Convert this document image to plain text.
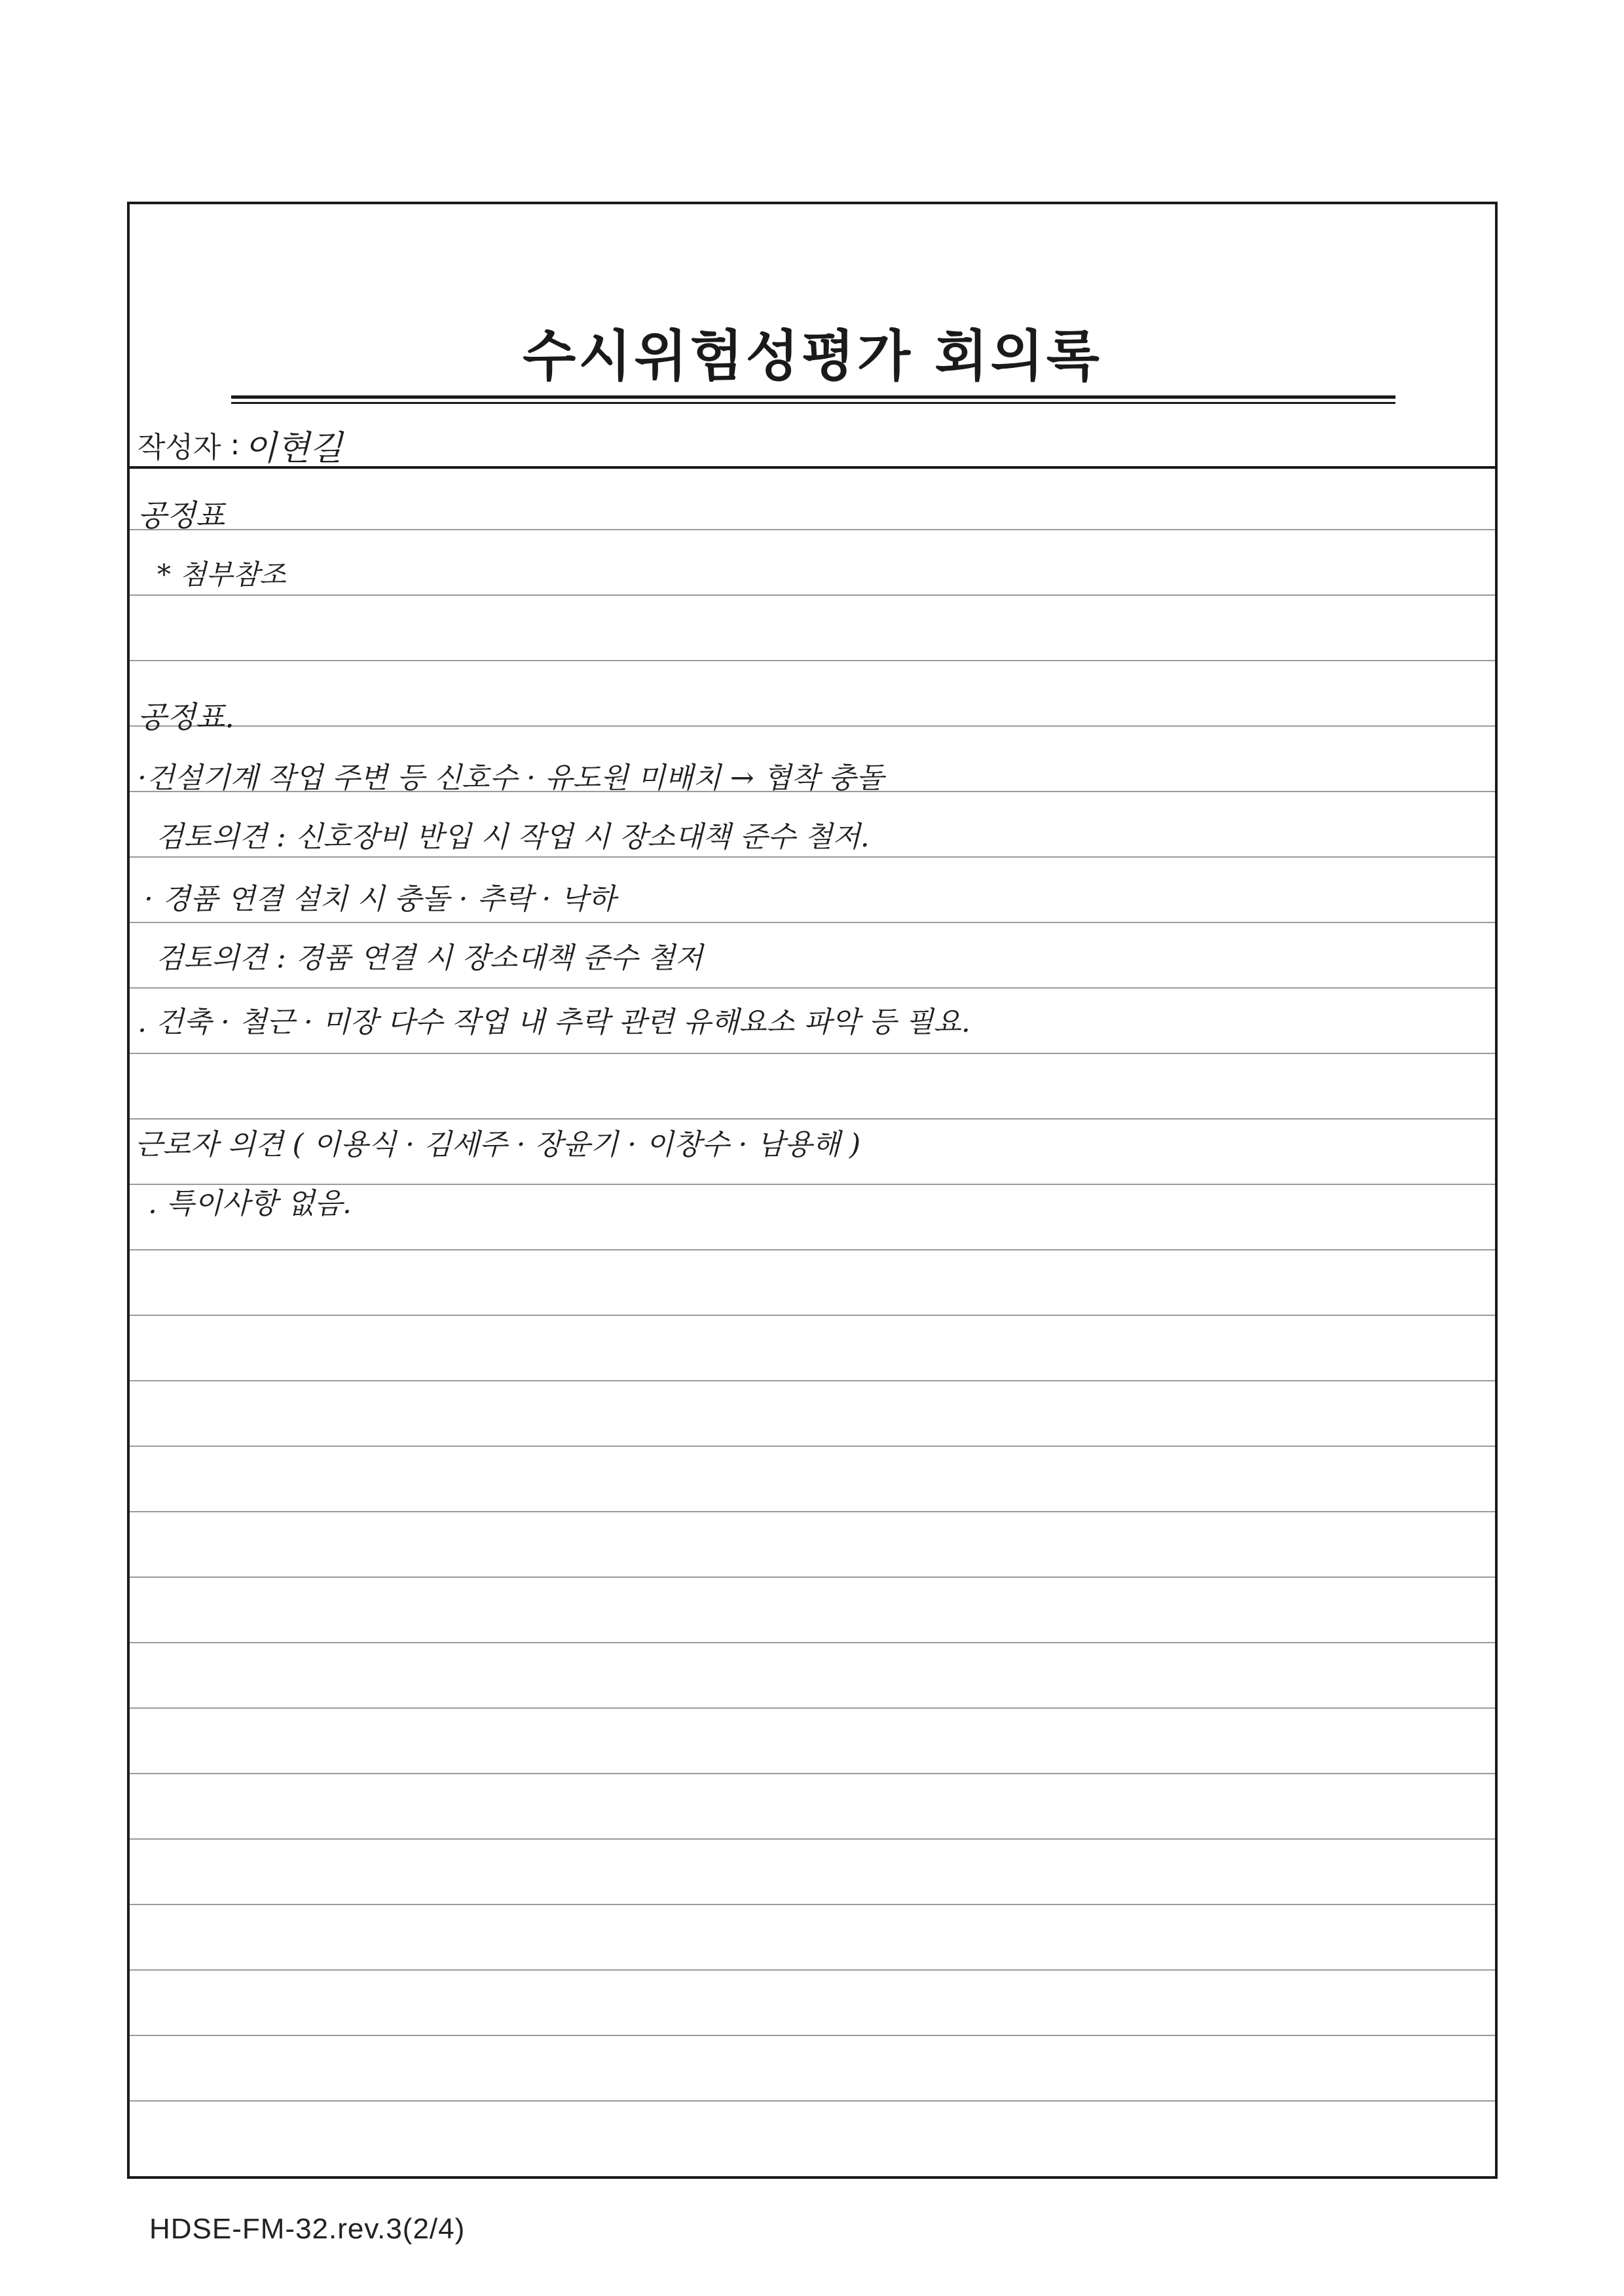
수시위험성평가 회의록
작성자 : 이현길
공정표
* 첨부참조
공정표.
·건설기계 작업 주변 등 신호수 · 유도원 미배치 → 협착 충돌
검토의견 : 신호장비 반입 시 작업 시 장소대책 준수 철저.
· 경품 연결 설치 시 충돌 · 추락 · 낙하
검토의견 : 경품 연결 시 장소대책 준수 철저
. 건축 · 철근 · 미장 다수 작업 내 추락 관련 유해요소 파악 등 필요.
근로자 의견 ( 이용식 · 김세주 · 장윤기 · 이창수 · 남용해 )
. 특이사항 없음.
HDSE-FM-32.rev.3(2/4)
